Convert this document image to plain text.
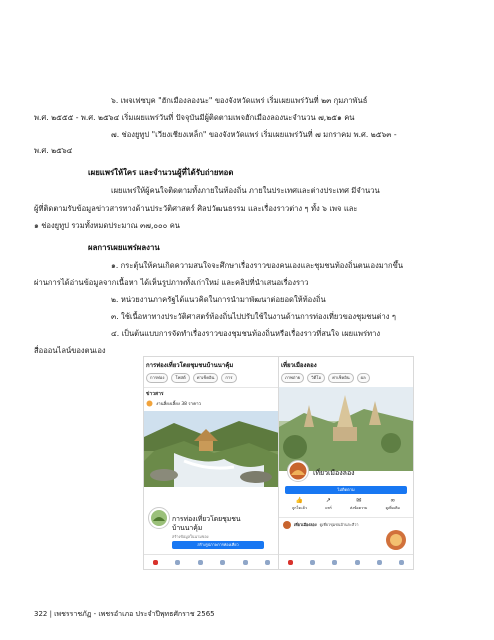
๖. เพจเฟซบุค "ฮักเมืองลองนะ" ของจังหวัดแพร่ เริ่มเผยแพร่วันที่ ๒๓ กุมภาพันธ์
พ.ศ. ๒๕๕๕ - พ.ศ. ๒๕๖๔ เริ่มเผยแพร่วันที่ ปัจจุบันมีผู้ติดตามเพจฮักเมืองลองนะจำนวน ๗,๒๕๑ คน
๗. ช่องยูทูป "เวียงเชียงเหล็ก" ของจังหวัดแพร่ เริ่มเผยแพร่วันที่ ๗ มกราคม พ.ศ. ๒๕๖๓ -
พ.ศ. ๒๕๖๔
เผยแพร่ให้ใคร และจำนวนผู้ที่ได้รับถ่ายทอด
เผยแพร่ให้ผู้คนใจติดตามทั้งภายในท้องถิ่น ภายในประเทศและต่างประเทศ มีจำนวน
ผู้ที่ติดตามรับข้อมูลข่าวสารทางด้านประวัติศาสตร์ ศิลปวัฒนธรรม และเรื่องราวต่าง ๆ ทั้ง ๖ เพจ และ
๑ ช่องยูทูป รวมทั้งหมดประมาณ ๓๗,๐๐๐ คน
ผลการเผยแพร่ผลงาน
๑. กระตุ้นให้คนเกิดความสนใจจะศึกษาเรื่องราวของคนเองและชุมชนท้องถิ่นตนเองมากขึ้น
ผ่านการได้อ่านข้อมูลจากเนื้อหา ได้เห็นรูปภาพทั้งเก่าใหม่ และคลิปที่นำเสนอเรื่องราว
๒. หน่วยงานภาครัฐได้แนวคิดในการนำมาพัฒนาต่อยอดให้ท้องถิ่น
๓. ใช้เนื้อหาทางประวัติศาสตร์ท้องถิ่นไปปรับใช้ในงานด้านการท่องเที่ยวของชุมชนต่าง ๆ
๔. เป็นต้นแบบการจัดทำเรื่องราวของชุมชนท้องถิ่นหรือเรื่องราวที่สนใจ เผยแพร่ทาง
สื่อออนไลน์ของตนเอง
การท่องเที่ยวโดยชุมชนบ้านนาคุ้ม
การท่อง	โพสต์	ค่าเช็คอิน	การ
ข่าวสาร
งานลี่ยงเลี้ยง 38 ราคาว
การท่องเที่ยวโดยชุมชน
บ้านนาคุ้ม
สร้างข้อมูลในนามของ
สร้างรูปภาพการท่องเที่ยว
เที่ยวเมืองลอง
ภาพถ่าย	วิดีโอ	ค่าเช็คอิน	ผล
เที่ยวเมืองลอง
ไม่ติดตาม
👍
ถูกใจแล้ว
↗
แชร์
✉
ส่งข้อความ
∞
ดูเพิ่มเติม
เที่ยวเมืองลอง ดูเที่ยวชุมชนบ้านกะลืวา
322 | เพชรราชภัฏ - เพชรอำเภอ ประจำปีพุทธศักราช 2565
